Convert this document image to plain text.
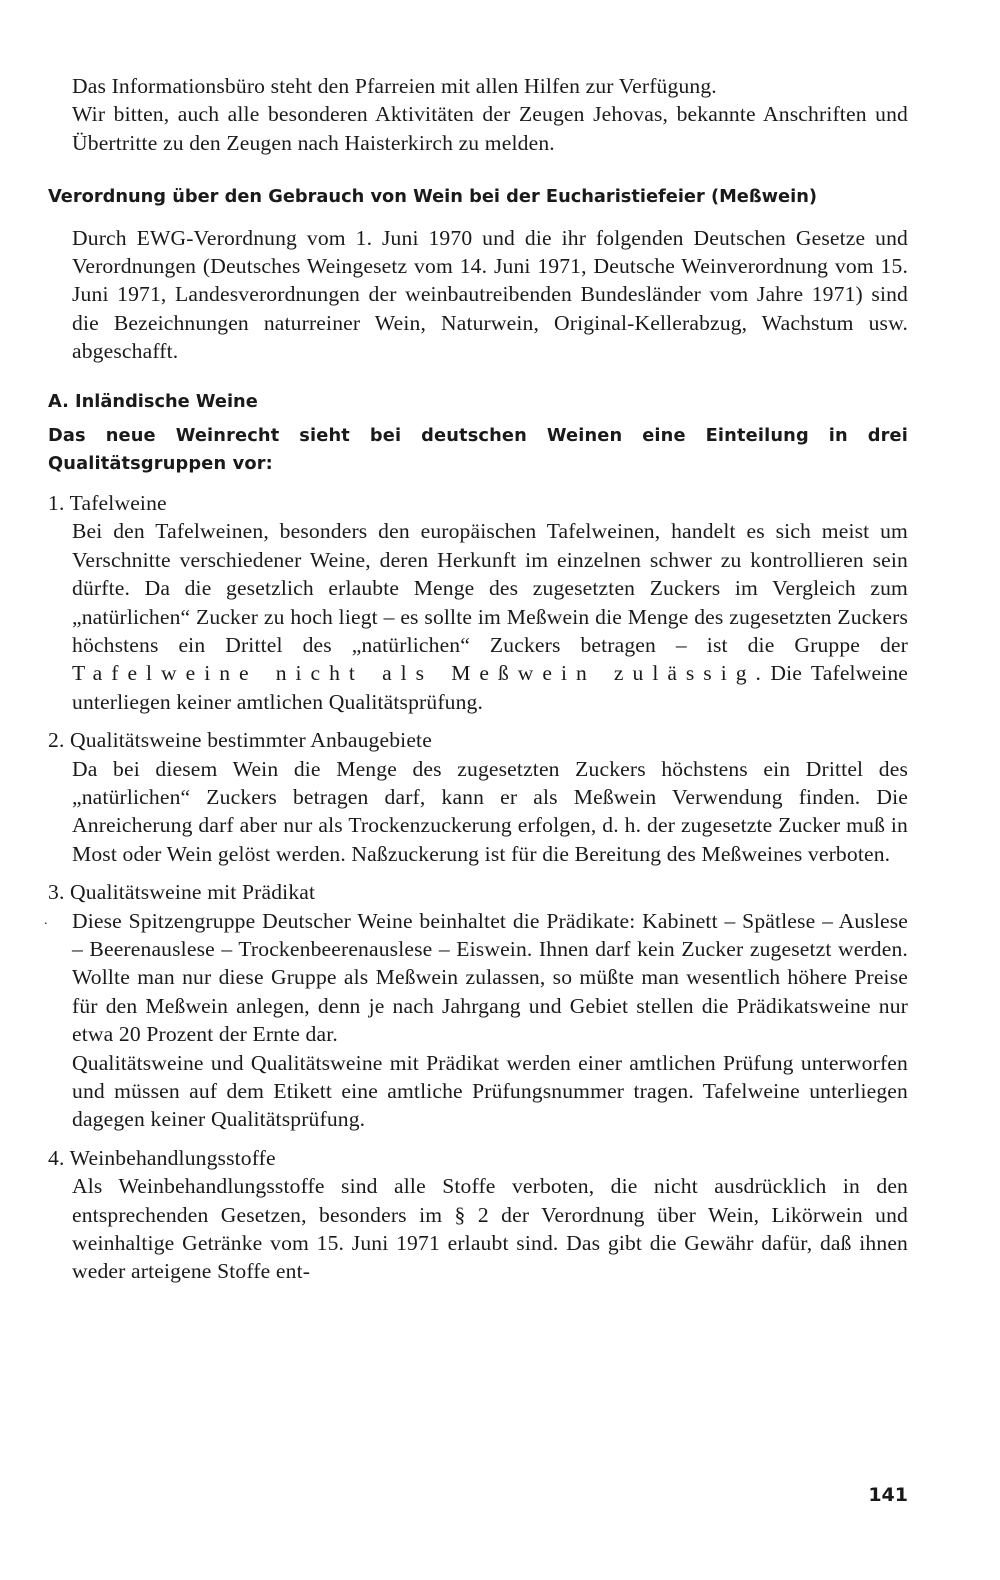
Das Informationsbüro steht den Pfarreien mit allen Hilfen zur Verfügung.

Wir bitten, auch alle besonderen Aktivitäten der Zeugen Jehovas, bekannte Anschriften und Übertritte zu den Zeugen nach Haisterkirch zu melden.

Verordnung über den Gebrauch von Wein bei der Eucharistiefeier (Meßwein)

Durch EWG-Verordnung vom 1. Juni 1970 und die ihr folgenden Deutschen Gesetze und Verordnungen (Deutsches Weingesetz vom 14. Juni 1971, Deutsche Weinverordnung vom 15. Juni 1971, Landesverordnungen der weinbautreibenden Bundesländer vom Jahre 1971) sind die Bezeichnungen naturreiner Wein, Naturwein, Original-Kellerabzug, Wachstum usw. abgeschafft.

A. Inländische Weine

Das neue Weinrecht sieht bei deutschen Weinen eine Einteilung in drei Qualitätsgruppen vor:

1. Tafelweine

Bei den Tafelweinen, besonders den europäischen Tafelweinen, handelt es sich meist um Verschnitte verschiedener Weine, deren Herkunft im einzelnen schwer zu kontrollieren sein dürfte. Da die gesetzlich erlaubte Menge des zugesetzten Zuckers im Vergleich zum „natürlichen“ Zucker zu hoch liegt – es sollte im Meßwein die Menge des zugesetzten Zuckers höchstens ein Drittel des „natürlichen“ Zuckers betragen – ist die Gruppe der Tafelweine nicht als Meßwein zulässig. Die Tafelweine unterliegen keiner amtlichen Qualitätsprüfung.

2. Qualitätsweine bestimmter Anbaugebiete

Da bei diesem Wein die Menge des zugesetzten Zuckers höchstens ein Drittel des „natürlichen“ Zuckers betragen darf, kann er als Meßwein Verwendung finden. Die Anreicherung darf aber nur als Trockenzuckerung erfolgen, d. h. der zugesetzte Zucker muß in Most oder Wein gelöst werden. Naßzuckerung ist für die Bereitung des Meßweines verboten.

3. Qualitätsweine mit Prädikat

.	Diese Spitzengruppe Deutscher Weine beinhaltet die Prädikate: Kabinett – Spätlese – Auslese – Beerenauslese – Trockenbeerenauslese – Eiswein. Ihnen darf kein Zucker zugesetzt werden. Wollte man nur diese Gruppe als Meßwein zulassen, so müßte man wesentlich höhere Preise für den Meßwein anlegen, denn je nach Jahrgang und Gebiet stellen die Prädikatsweine nur etwa 20 Prozent der Ernte dar.

Qualitätsweine und Qualitätsweine mit Prädikat werden einer amtlichen Prüfung unterworfen und müssen auf dem Etikett eine amtliche Prüfungsnummer tragen. Tafelweine unterliegen dagegen keiner Qualitätsprüfung.

4. Weinbehandlungsstoffe

Als Weinbehandlungsstoffe sind alle Stoffe verboten, die nicht ausdrücklich in den entsprechenden Gesetzen, besonders im § 2 der Verordnung über Wein, Likörwein und weinhaltige Getränke vom 15. Juni 1971 erlaubt sind. Das gibt die Gewähr dafür, daß ihnen weder arteigene Stoffe ent-

141
